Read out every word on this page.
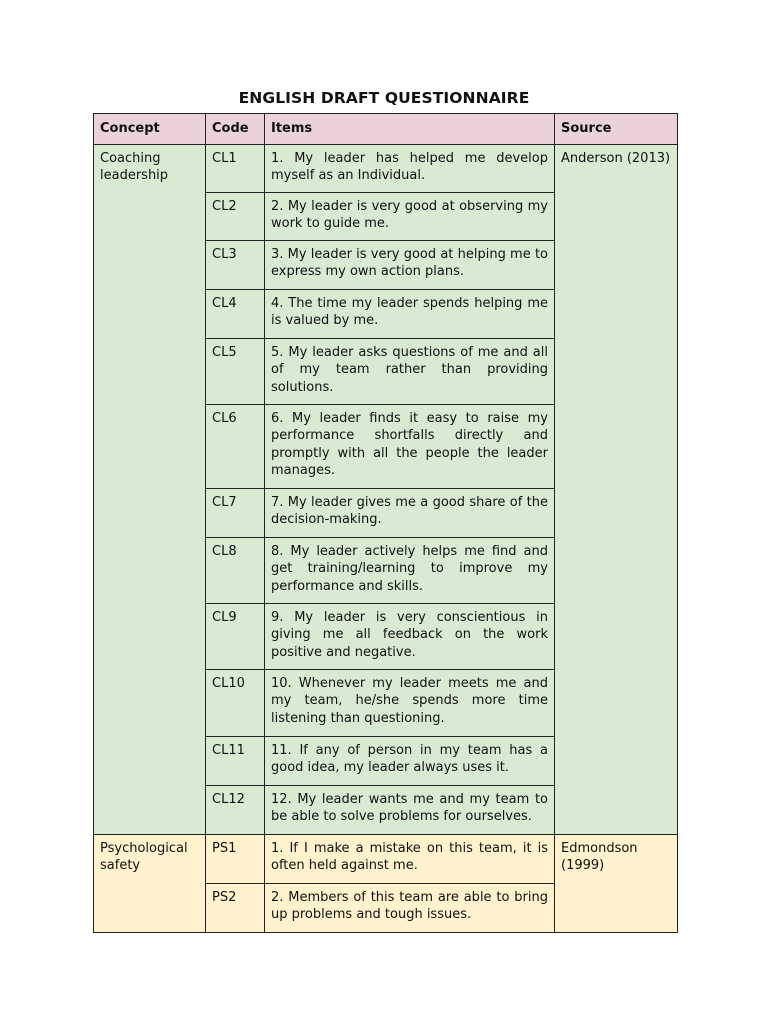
ENGLISH DRAFT QUESTIONNAIRE
Concept	Code	Items	Source
Coaching leadership	CL1	1. My leader has helped me develop myself as an Individual.	Anderson (2013)
	CL2	2. My leader is very good at observing my work to guide me.	
	CL3	3. My leader is very good at helping me to express my own action plans.	
	CL4	4. The time my leader spends helping me is valued by me.	
	CL5	5. My leader asks questions of me and all of my team rather than providing solutions.	
	CL6	6. My leader finds it easy to raise my performance shortfalls directly and promptly with all the people the leader manages.	
	CL7	7. My leader gives me a good share of the decision-making.	
	CL8	8. My leader actively helps me find and get training/learning to improve my performance and skills.	
	CL9	9. My leader is very conscientious in giving me all feedback on the work positive and negative.	
	CL10	10. Whenever my leader meets me and my team, he/she spends more time listening than questioning.	
	CL11	11. If any of person in my team has a good idea, my leader always uses it.	
	CL12	12. My leader wants me and my team to be able to solve problems for ourselves.	
Psychological safety	PS1	1. If I make a mistake on this team, it is often held against me.	Edmondson (1999)
	PS2	2. Members of this team are able to bring up problems and tough issues.	
